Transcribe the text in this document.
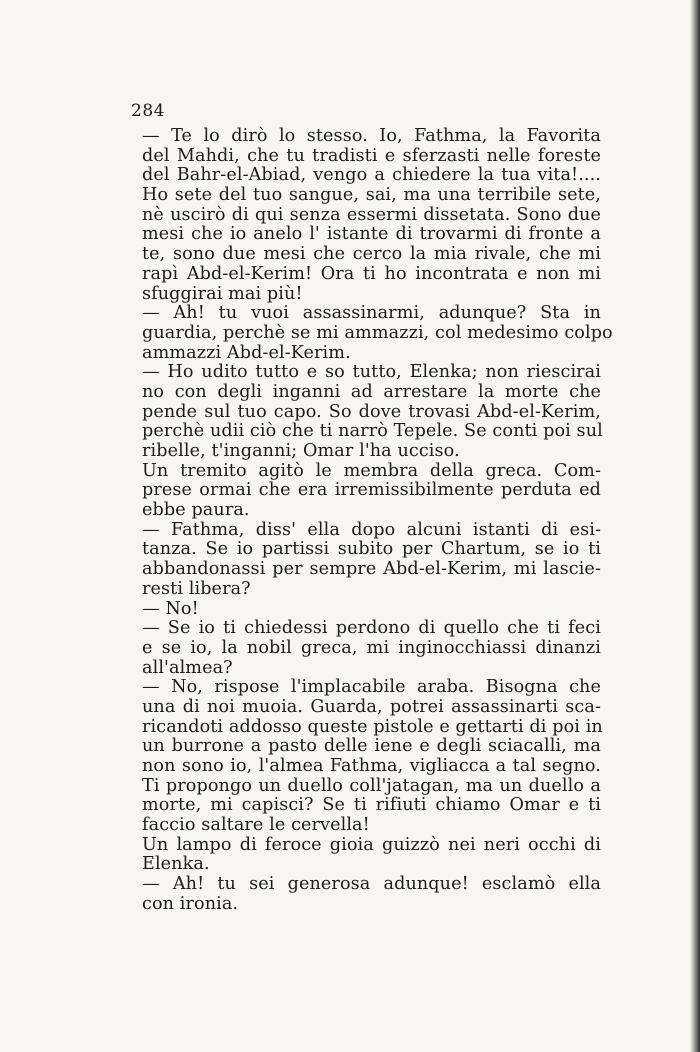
284
— Te lo dirò lo stesso. Io, Fathma, la Favorita
del Mahdi, che tu tradisti e sferzasti nelle foreste
del Bahr-el-Abiad, vengo a chiedere la tua vita!....
Ho sete del tuo sangue, sai, ma una terribile sete,
nè uscirò di qui senza essermi dissetata. Sono due
mesi che io anelo l' istante di trovarmi di fronte a
te, sono due mesi che cerco la mia rivale, che mi
rapì Abd-el-Kerim! Ora ti ho incontrata e non mi
sfuggirai mai più!
— Ah! tu vuoi assassinarmi, adunque? Sta in
guardia, perchè se mi ammazzi, col medesimo colpo
ammazzi Abd-el-Kerim.
— Ho udito tutto e so tutto, Elenka; non riescirai
no con degli inganni ad arrestare la morte che
pende sul tuo capo. So dove trovasi Abd-el-Kerim,
perchè udii ciò che ti narrò Tepele. Se conti poi sul
ribelle, t'inganni; Omar l'ha ucciso.
Un tremito agitò le membra della greca. Com-
prese ormai che era irremissibilmente perduta ed
ebbe paura.
— Fathma, diss' ella dopo alcuni istanti di esi-
tanza. Se io partissi subito per Chartum, se io ti
abbandonassi per sempre Abd-el-Kerim, mi lascie-
resti libera?
— No!
— Se io ti chiedessi perdono di quello che ti feci
e se io, la nobil greca, mi inginocchiassi dinanzi
all'almea?
— No, rispose l'implacabile araba. Bisogna che
una di noi muoia. Guarda, potrei assassinarti sca-
ricandoti addosso queste pistole e gettarti di poi in
un burrone a pasto delle iene e degli sciacalli, ma
non sono io, l'almea Fathma, vigliacca a tal segno.
Ti propongo un duello coll'jatagan, ma un duello a
morte, mi capisci? Se ti rifiuti chiamo Omar e ti
faccio saltare le cervella!
Un lampo di feroce gioia guizzò nei neri occhi di
Elenka.
— Ah! tu sei generosa adunque! esclamò ella
con ironia.
